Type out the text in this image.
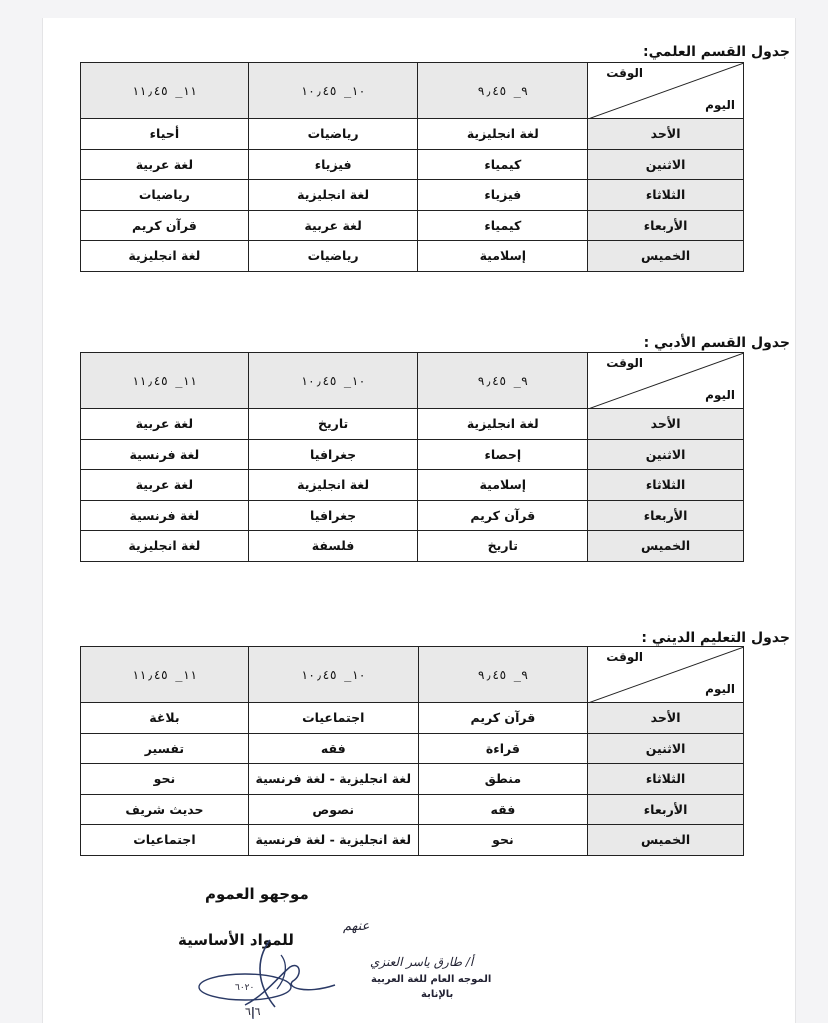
جدول القسم العلمي:
الوقت
اليوم	٩_ ٩٫٤٥	١٠_ ١٠٫٤٥	١١_ ١١٫٤٥
الأحد	لغة انجليزية	رياضيات	أحياء
الاثنين	كيمياء	فيزياء	لغة عربية
الثلاثاء	فيزياء	لغة انجليزية	رياضيات
الأربعاء	كيمياء	لغة عربية	قرآن كريم
الخميس	إسلامية	رياضيات	لغة انجليزية
جدول القسم الأدبي :
الوقت
اليوم	٩_ ٩٫٤٥	١٠_ ١٠٫٤٥	١١_ ١١٫٤٥
الأحد	لغة انجليزية	تاريخ	لغة عربية
الاثنين	إحصاء	جغرافيا	لغة فرنسية
الثلاثاء	إسلامية	لغة انجليزية	لغة عربية
الأربعاء	قرآن كريم	جغرافيا	لغة فرنسية
الخميس	تاريخ	فلسفة	لغة انجليزية
جدول التعليم الديني :
الوقت
اليوم	٩_ ٩٫٤٥	١٠_ ١٠٫٤٥	١١_ ١١٫٤٥
الأحد	قرآن كريم	اجتماعيات	بلاغة
الاثنين	قراءة	فقه	تفسير
الثلاثاء	منطق	لغة انجليزية - لغة فرنسية	نحو
الأربعاء	فقه	نصوص	حديث شريف
الخميس	نحو	لغة انجليزية - لغة فرنسية	اجتماعيات
موجهو العموم
للمواد الأساسية
عنهم
أ/ طارق ياسر العنزي
الموجه العام للغة العربية
بالإنابة
٦٠٢٠
٦|٦
